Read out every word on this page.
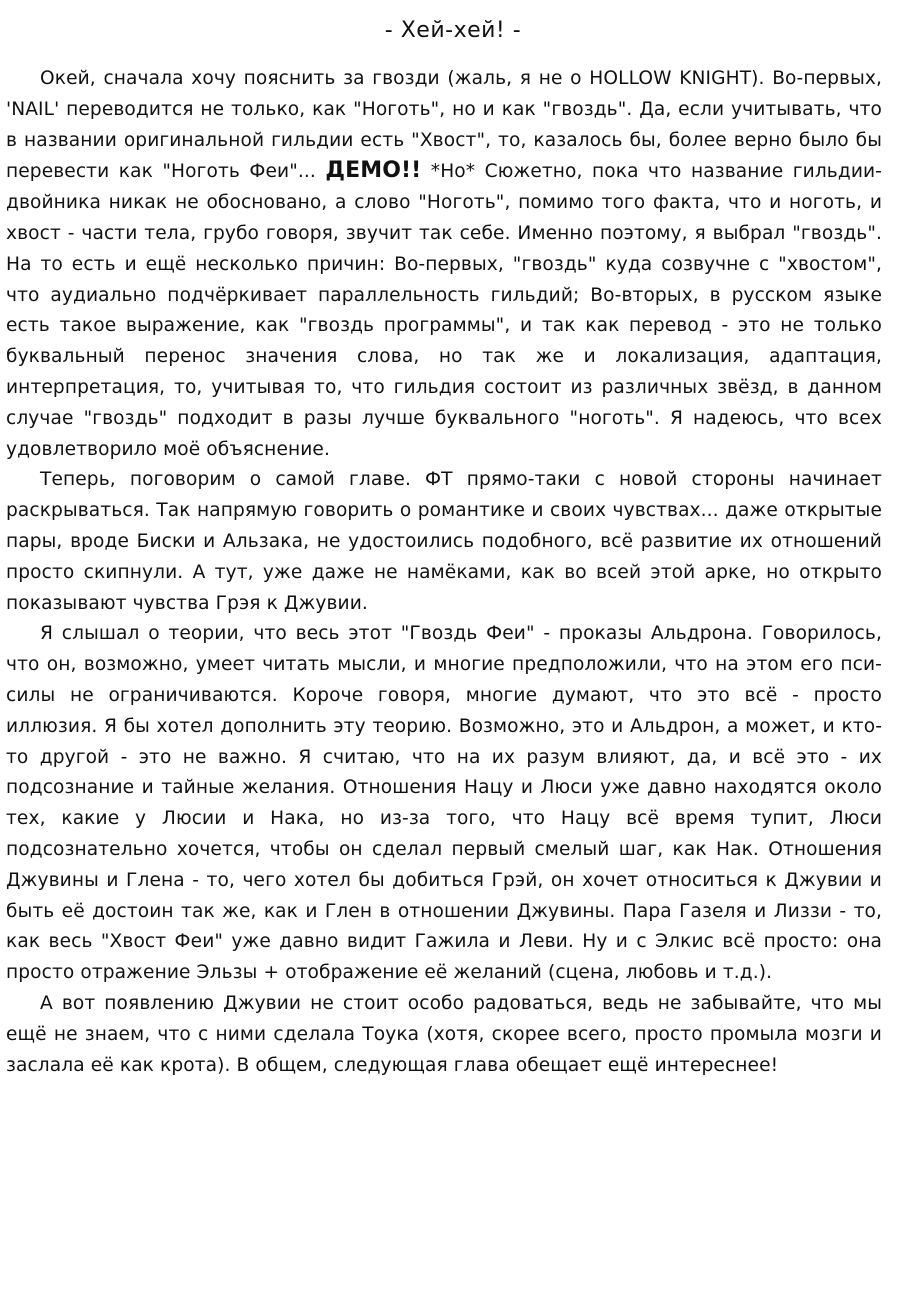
- Хей-хей! -

Окей, сначала хочу пояснить за гвозди (жаль, я не о HOLLOW KNIGHT). Во-первых, 'NAIL' переводится не только, как "Ноготь", но и как "гвоздь". Да, если учитывать, что в названии оригинальной гильдии есть "Хвост", то, казалось бы, более верно было бы перевести как "Ноготь Феи"... ДЕМО!! *Но* Сюжетно, пока что название гильдии-двойника никак не обосновано, а слово "Ноготь", помимо того факта, что и ноготь, и хвост - части тела, грубо говоря, звучит так себе. Именно поэтому, я выбрал "гвоздь". На то есть и ещё несколько причин: Во-первых, "гвоздь" куда созвучне с "хвостом", что аудиально подчёркивает параллельность гильдий; Во-вторых, в русском языке есть такое выражение, как "гвоздь программы", и так как перевод - это не только буквальный перенос значения слова, но так же и локализация, адаптация, интерпретация, то, учитывая то, что гильдия состоит из различных звёзд, в данном случае "гвоздь" подходит в разы лучше буквального "ноготь". Я надеюсь, что всех удовлетворило моё объяснение.

Теперь, поговорим о самой главе. ФТ прямо-таки с новой стороны начинает раскрываться. Так напрямую говорить о романтике и своих чувствах... даже открытые пары, вроде Биски и Альзака, не удостоились подобного, всё развитие их отношений просто скипнули. А тут, уже даже не намёками, как во всей этой арке, но открыто показывают чувства Грэя к Джувии.

Я слышал о теории, что весь этот "Гвоздь Феи" - проказы Альдрона. Говорилось, что он, возможно, умеет читать мысли, и многие предположили, что на этом его пси-силы не ограничиваются. Короче говоря, многие думают, что это всё - просто иллюзия. Я бы хотел дополнить эту теорию. Возможно, это и Альдрон, а может, и кто-то другой - это не важно. Я считаю, что на их разум влияют, да, и всё это - их подсознание и тайные желания. Отношения Нацу и Люси уже давно находятся около тех, какие у Люсии и Нака, но из-за того, что Нацу всё время тупит, Люси подсознательно хочется, чтобы он сделал первый смелый шаг, как Нак. Отношения Джувины и Глена - то, чего хотел бы добиться Грэй, он хочет относиться к Джувии и быть её достоин так же, как и Глен в отношении Джувины. Пара Газеля и Лиззи - то, как весь "Хвост Феи" уже давно видит Гажила и Леви. Ну и с Элкис всё просто: она просто отражение Эльзы + отображение её желаний (сцена, любовь и т.д.).

А вот появлению Джувии не стоит особо радоваться, ведь не забывайте, что мы ещё не знаем, что с ними сделала Тоука (хотя, скорее всего, просто промыла мозги и заслала её как крота). В общем, следующая глава обещает ещё интереснее!
